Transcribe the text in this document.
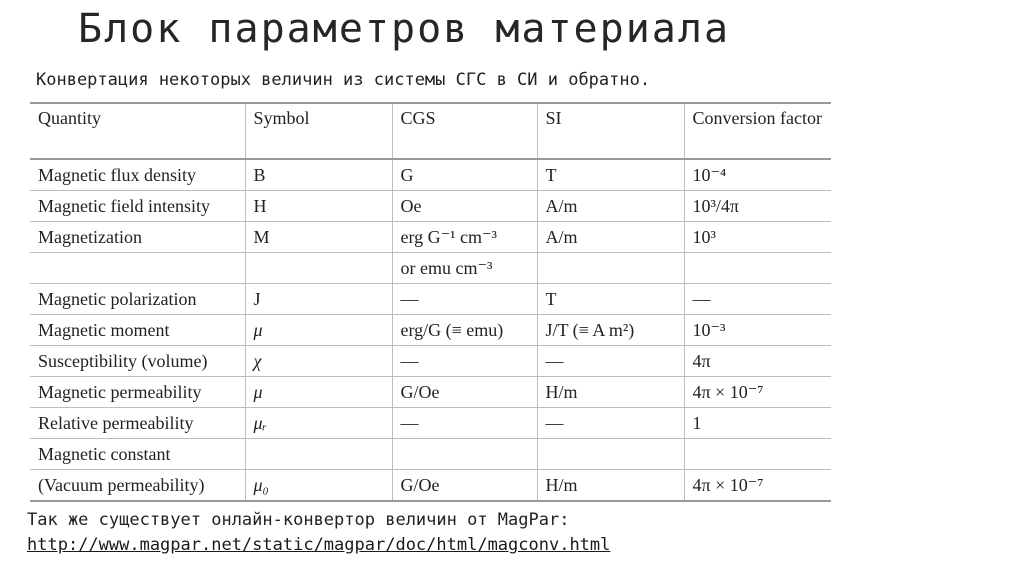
Блок параметров материала
Конвертация некоторых величин из системы СГС в СИ и обратно.
Quantity	Symbol	CGS	SI	Conversion factor
Magnetic flux density	B	G	T	10⁻⁴
Magnetic field intensity	H	Oe	A/m	10³/4π
Magnetization	M	erg G⁻¹ cm⁻³	A/m	10³
		or emu cm⁻³		
Magnetic polarization	J	—	T	—
Magnetic moment	μ	erg/G (≡ emu)	J/T (≡ A m²)	10⁻³
Susceptibility (volume)	χ	—	—	4π
Magnetic permeability	μ	G/Oe	H/m	4π × 10⁻⁷
Relative permeability	μᵣ	—	—	1
Magnetic constant				
(Vacuum permeability)	μ₀	G/Oe	H/m	4π × 10⁻⁷
Так же существует онлайн-конвертор величин от MagPar:
http://www.magpar.net/static/magpar/doc/html/magconv.html
